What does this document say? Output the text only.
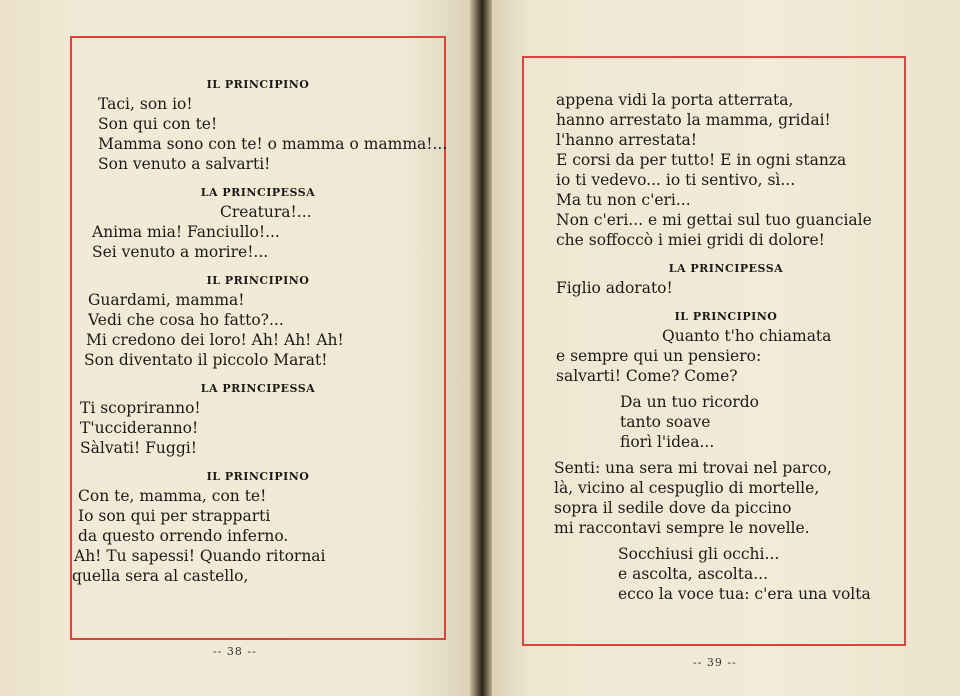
IL PRINCIPINO
Taci, son io!
Son qui con te!
Mamma sono con te! o mamma o mamma!...
Son venuto a salvarti!
LA PRINCIPESSA
Creatura!...
Anima mia! Fanciullo!...
Sei venuto a morire!...
IL PRINCIPINO
Guardami, mamma!
Vedi che cosa ho fatto?...
Mi credono dei loro! Ah! Ah! Ah!
Son diventato il piccolo Marat!
LA PRINCIPESSA
Ti scopriranno!
T'uccideranno!
Sàlvati! Fuggi!
IL PRINCIPINO
Con te, mamma, con te!
Io son qui per strapparti
da questo orrendo inferno.
Ah! Tu sapessi! Quando ritornai
quella sera al castello,
appena vidi la porta atterrata,
hanno arrestato la mamma, gridai!
l'hanno arrestata!
E corsi da per tutto! E in ogni stanza
io ti vedevo... io ti sentivo, sì...
Ma tu non c'eri...
Non c'eri... e mi gettai sul tuo guanciale
che soffoccò i miei gridi di dolore!
LA PRINCIPESSA
Figlio adorato!
IL PRINCIPINO
Quanto t'ho chiamata
e sempre qui un pensiero:
salvarti! Come? Come?
Da un tuo ricordo
tanto soave
fiorì l'idea...
Senti: una sera mi trovai nel parco,
là, vicino al cespuglio di mortelle,
sopra il sedile dove da piccino
mi raccontavi sempre le novelle.
Socchiusi gli occhi...
e ascolta, ascolta...
ecco la voce tua: c'era una volta
-- 38 --
-- 39 --
